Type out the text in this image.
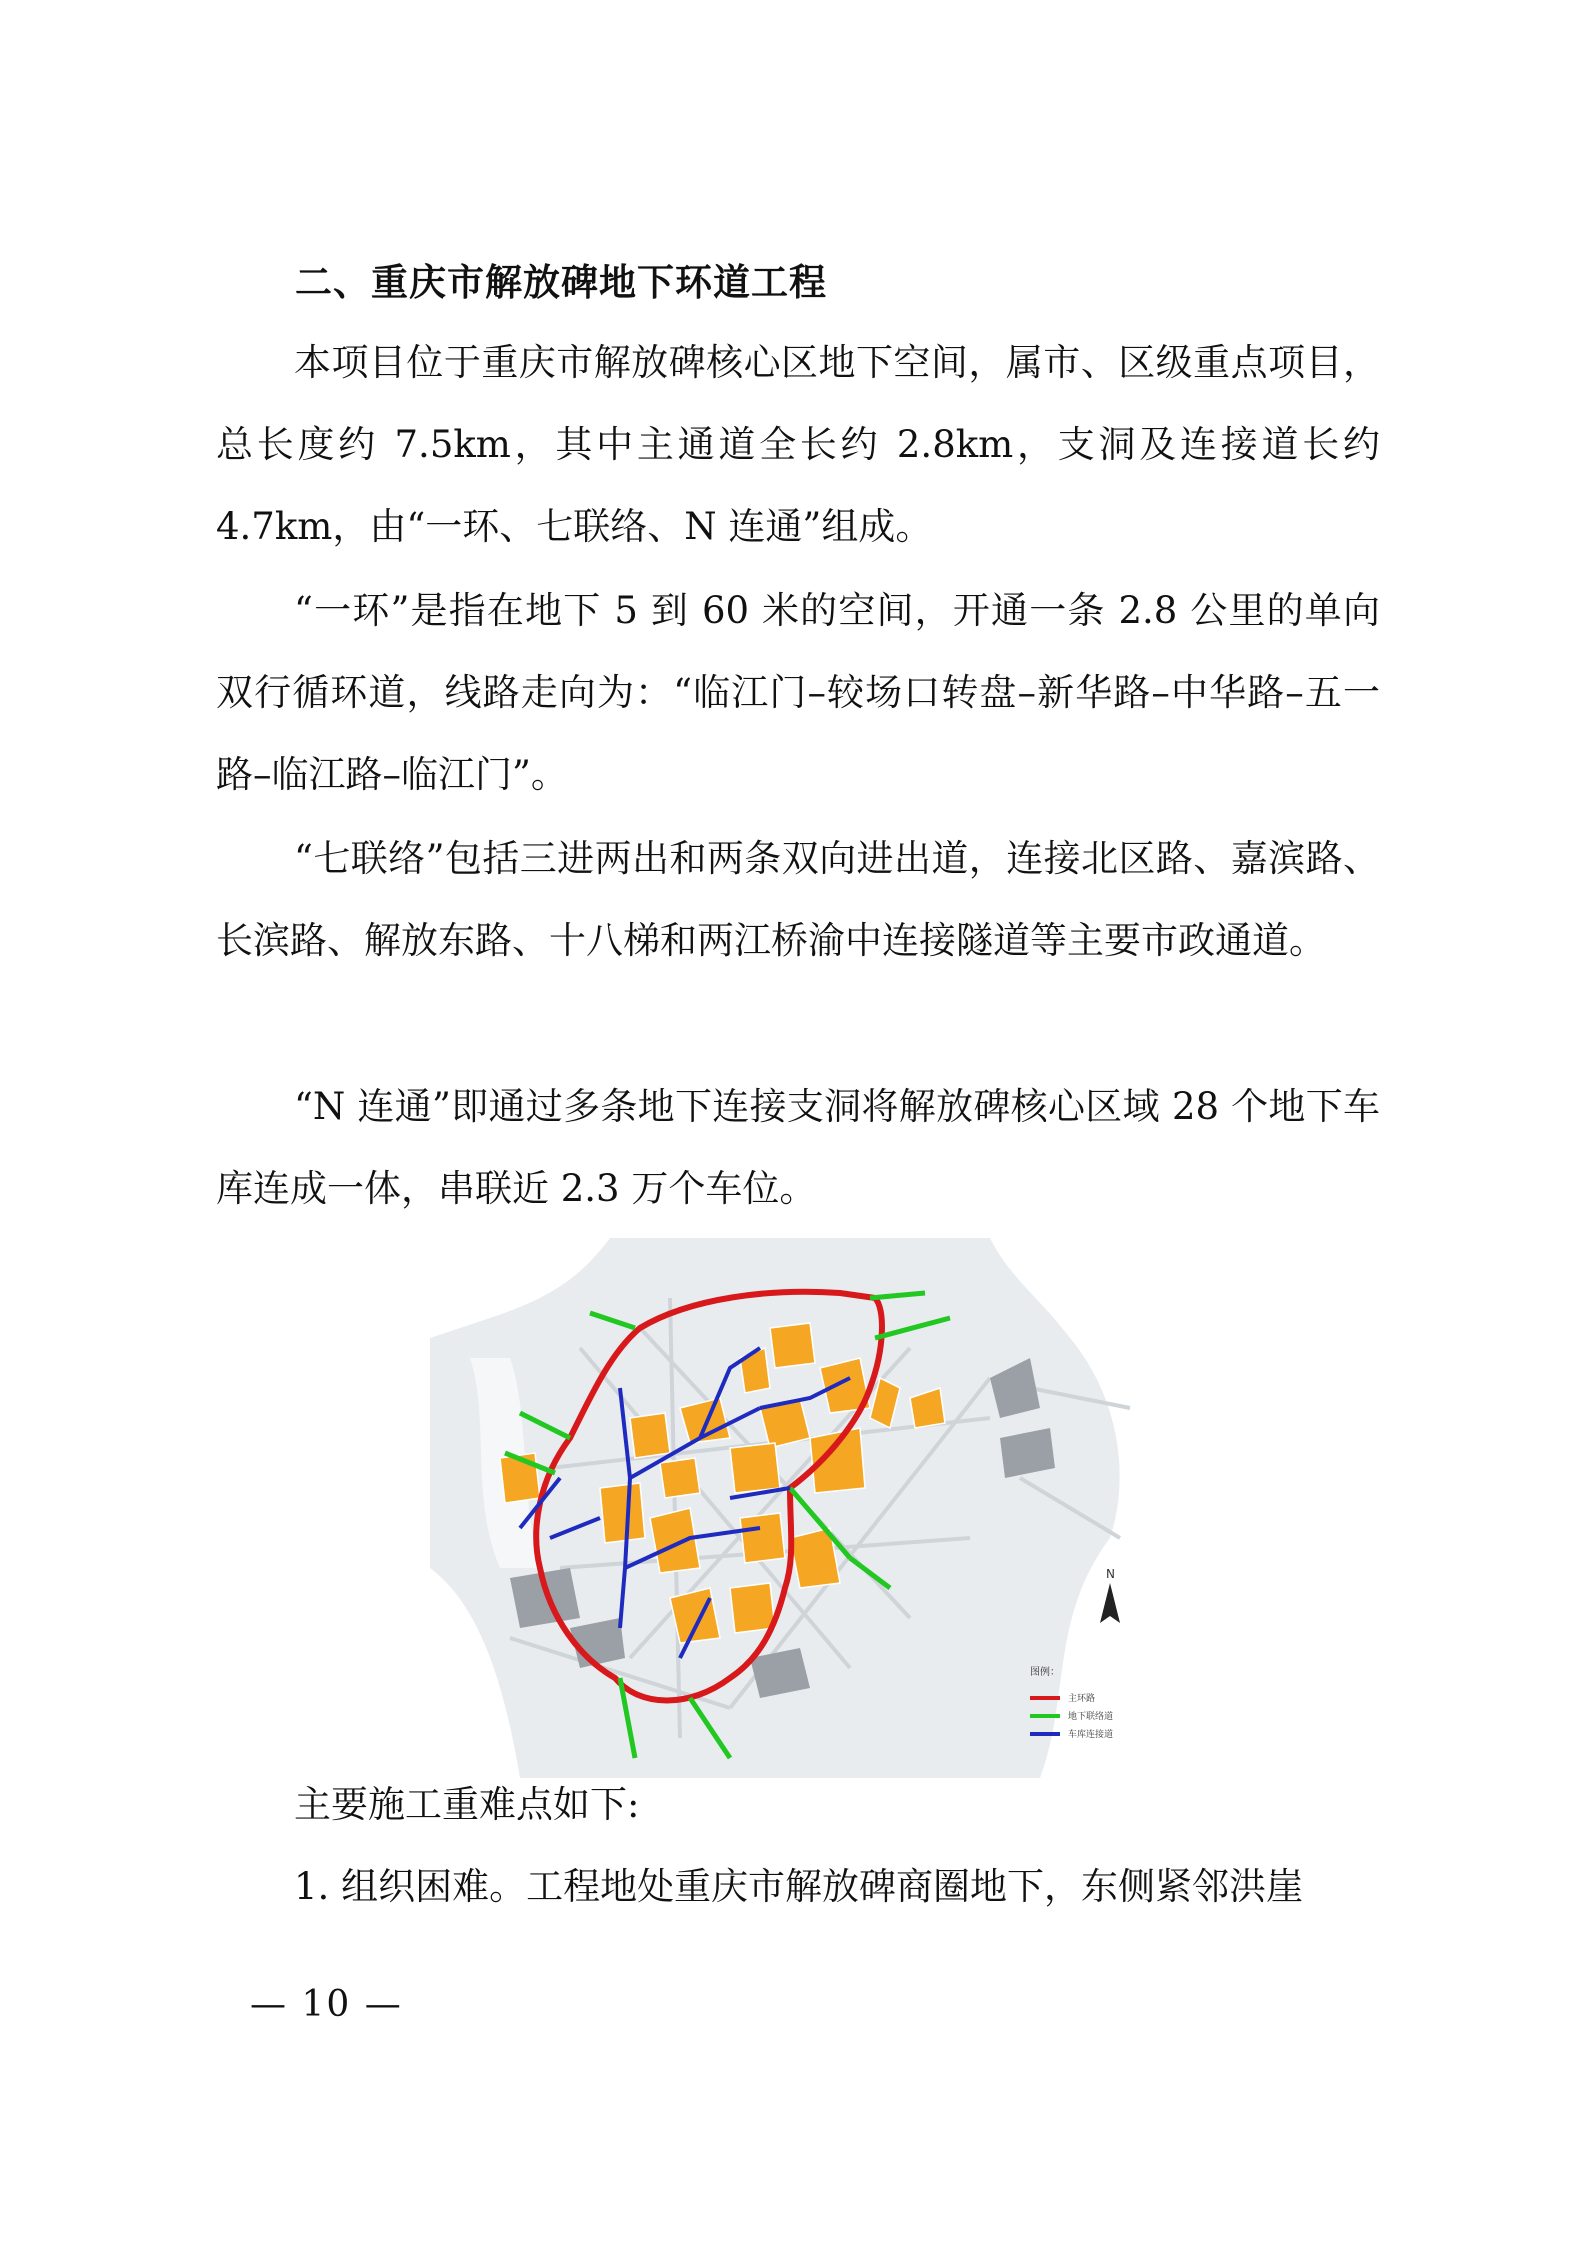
二、重庆市解放碑地下环道工程

本项目位于重庆市解放碑核心区地下空间，属市、区级重点项目，总长度约 7.5km，其中主通道全长约 2.8km，支洞及连接道长约 4.7km，由“一环、七联络、N 连通”组成。

“一环”是指在地下 5 到 60 米的空间，开通一条 2.8 公里的单向双行循环道，线路走向为：“临江门–较场口转盘–新华路–中华路–五一路–临江路–临江门”。

“七联络”包括三进两出和两条双向进出道，连接北区路、嘉滨路、长滨路、解放东路、十八梯和两江桥渝中连接隧道等主要市政通道。

“N 连通”即通过多条地下连接支洞将解放碑核心区域 28 个地下车库连成一体，串联近 2.3 万个车位。

N
图例：
主环路
地下联络道
车库连接道

主要施工重难点如下:

1. 组织困难。工程地处重庆市解放碑商圈地下，东侧紧邻洪崖

— 10 —
